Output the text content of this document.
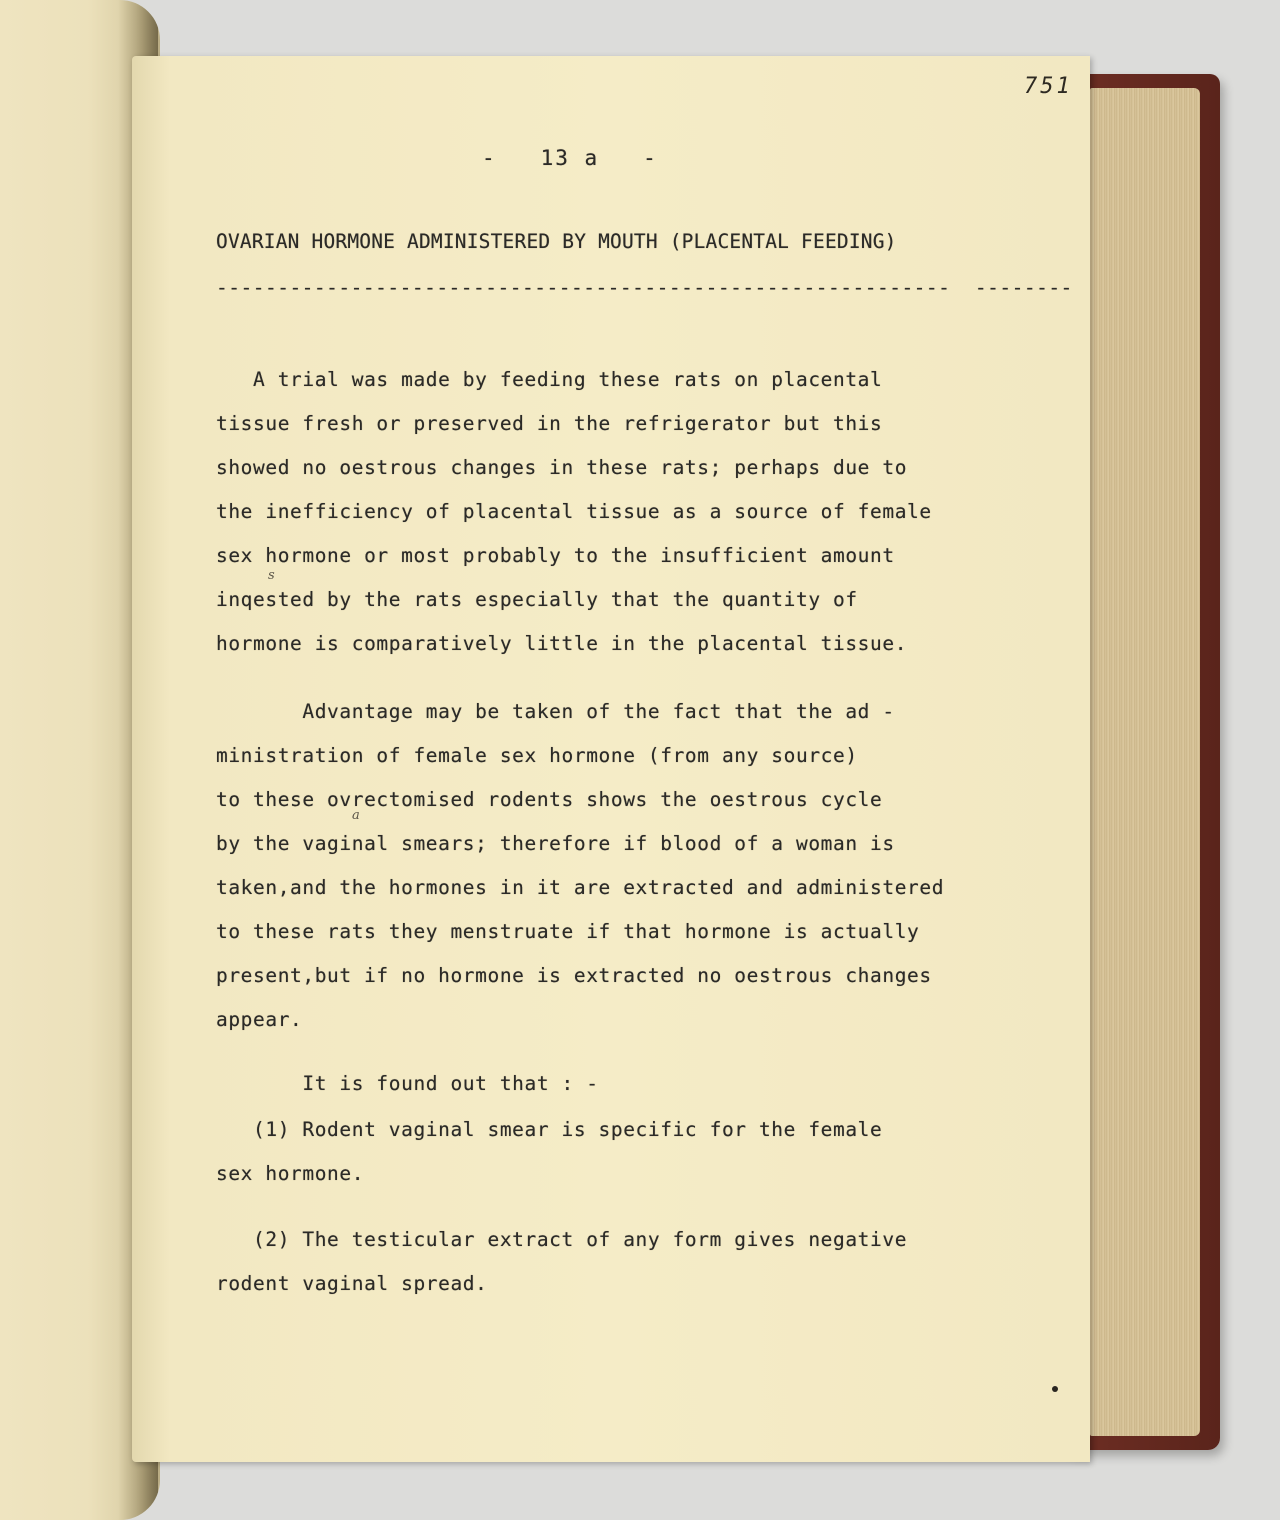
751
-   13 a   -
OVARIAN HORMONE ADMINISTERED BY MOUTH (PLACENTAL FEEDING)
------------------------------------------------------------  --------
A trial was made by feeding these rats on placental
tissue fresh or preserved in the refrigerator but this
showed no oestrous changes in these rats; perhaps due to
the inefficiency of placental tissue as a source of female
sex hormone or most probably to the insufficient amount
inqested by the rats especially that the quantity of
s
hormone is comparatively little in the placental tissue.
Advantage may be taken of the fact that the ad -
ministration of female sex hormone (from any source)
to these ovrectomised rodents shows the oestrous cycle
a
by the vaginal smears; therefore if blood of a woman is
taken,and the hormones in it are extracted and administered
to these rats they menstruate if that hormone is actually
present,but if no hormone is extracted no oestrous changes
appear.
It is found out that : -
(1) Rodent vaginal smear is specific for the female
sex hormone.
(2) The testicular extract of any form gives negative
rodent vaginal spread.
